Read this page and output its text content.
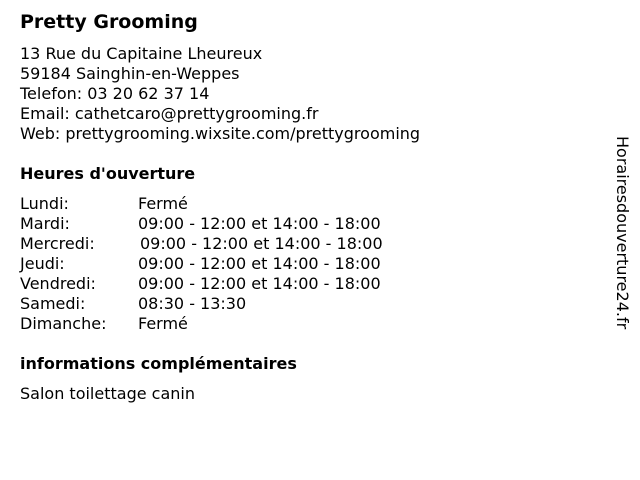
Pretty Grooming
13 Rue du Capitaine Lheureux
59184 Sainghin-en-Weppes
Telefon: 03 20 62 37 14
Email: cathetcaro@prettygrooming.fr
Web: prettygrooming.wixsite.com/prettygrooming
Heures d'ouverture
Lundi:	Fermé
Mardi:	09:00 - 12:00 et 14:00 - 18:00
Mercredi:	09:00 - 12:00 et 14:00 - 18:00
Jeudi:	09:00 - 12:00 et 14:00 - 18:00
Vendredi:	09:00 - 12:00 et 14:00 - 18:00
Samedi:	08:30 - 13:30
Dimanche: Fermé
informations complémentaires
Salon toilettage canin
Horairesdouverture24.fr
